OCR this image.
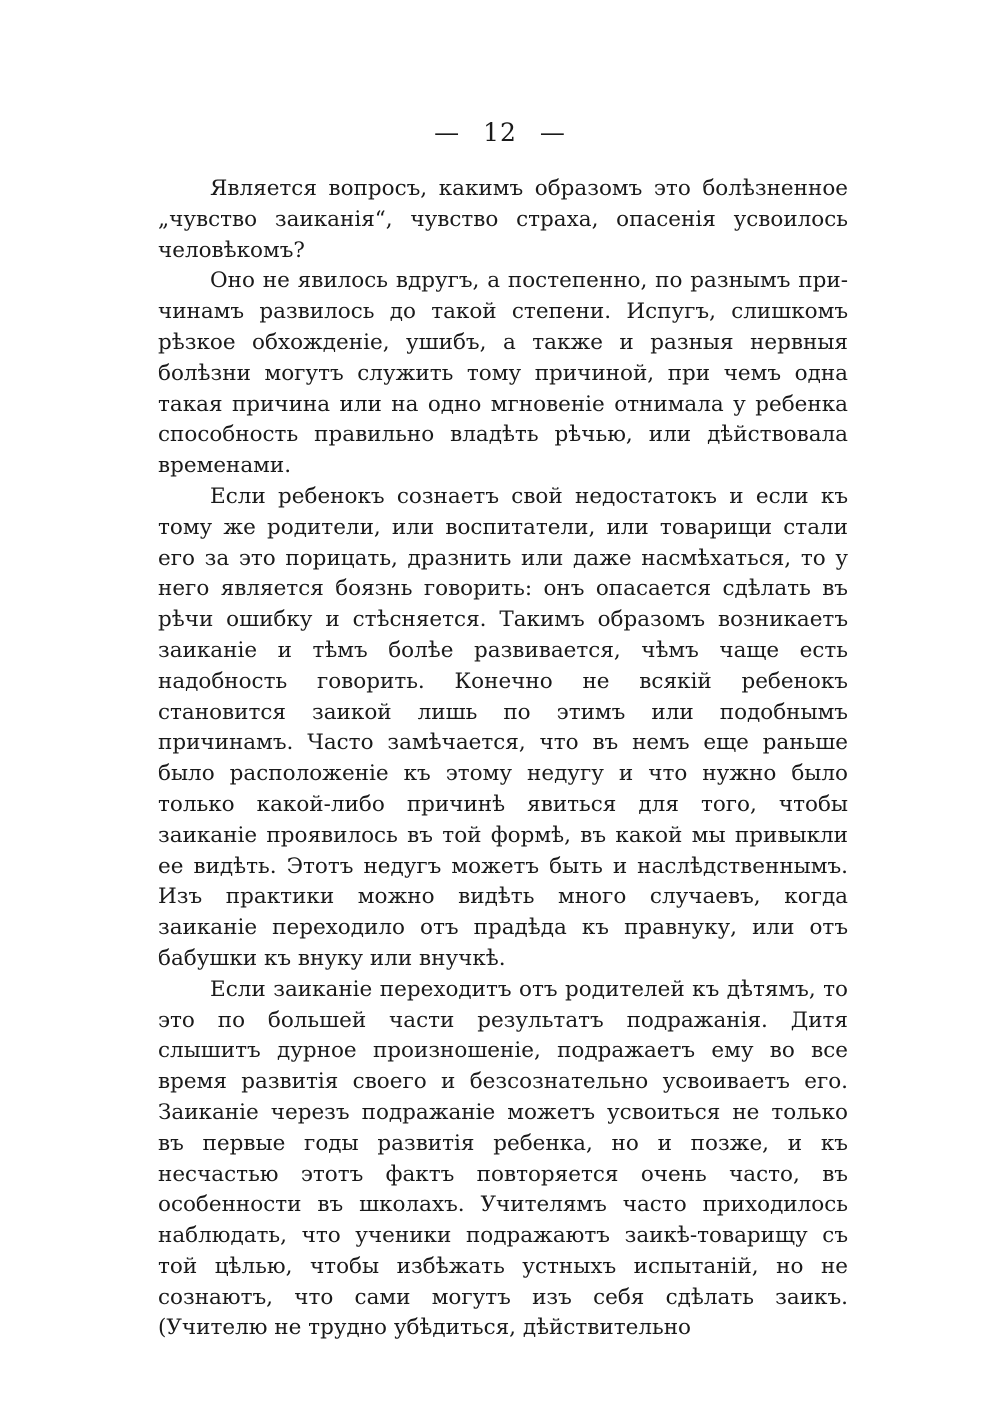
— 12 —

Является вопросъ, какимъ образомъ это болѣзненное „чувство заиканія“, чувство страха, опасенія усвоилось человѣкомъ?

Оно не явилось вдругъ, а постепенно, по разнымъ причинамъ развилось до такой степени. Испугъ, слишкомъ рѣзкое обхожденіе, ушибъ, а также и разныя нервныя болѣзни могутъ служить тому причиной, при чемъ одна такая причина или на одно мгновеніе отнимала у ребенка способность правильно владѣть рѣчью, или дѣйствовала временами.

Если ребенокъ сознаетъ свой недостатокъ и если къ тому же родители, или воспитатели, или товарищи стали его за это порицать, дразнить или даже насмѣхаться, то у него является боязнь говорить: онъ опасается сдѣлать въ рѣчи ошибку и стѣсняется. Такимъ образомъ возникаетъ заиканіе и тѣмъ болѣе развивается, чѣмъ чаще есть надобность говорить. Конечно не всякій ребенокъ становится заикой лишь по этимъ или подобнымъ причинамъ. Часто замѣчается, что въ немъ еще раньше было расположеніе къ этому недугу и что нужно было только какой-либо причинѣ явиться для того, чтобы заиканіе проявилось въ той формѣ, въ какой мы привыкли ее видѣть. Этотъ недугъ можетъ быть и наслѣдственнымъ. Изъ практики можно видѣть много случаевъ, когда заиканіе переходило отъ прадѣда къ правнуку, или отъ бабушки къ внуку или внучкѣ.

Если заиканіе переходитъ отъ родителей къ дѣтямъ, то это по большей части результатъ подражанія. Дитя слышитъ дурное произношеніе, подражаетъ ему во все время развитія своего и безсознательно усвоиваетъ его. Заиканіе черезъ подражаніе можетъ усвоиться не только въ первые годы развитія ребенка, но и позже, и къ несчастью этотъ фактъ повторяется очень часто, въ особенности въ школахъ. Учителямъ часто приходилось наблюдать, что ученики подражаютъ заикѣ-товарищу съ той цѣлью, чтобы избѣжать устныхъ испытаній, но не сознаютъ, что сами могутъ изъ себя сдѣлать заикъ. (Учителю не трудно убѣдиться, дѣйствительно
